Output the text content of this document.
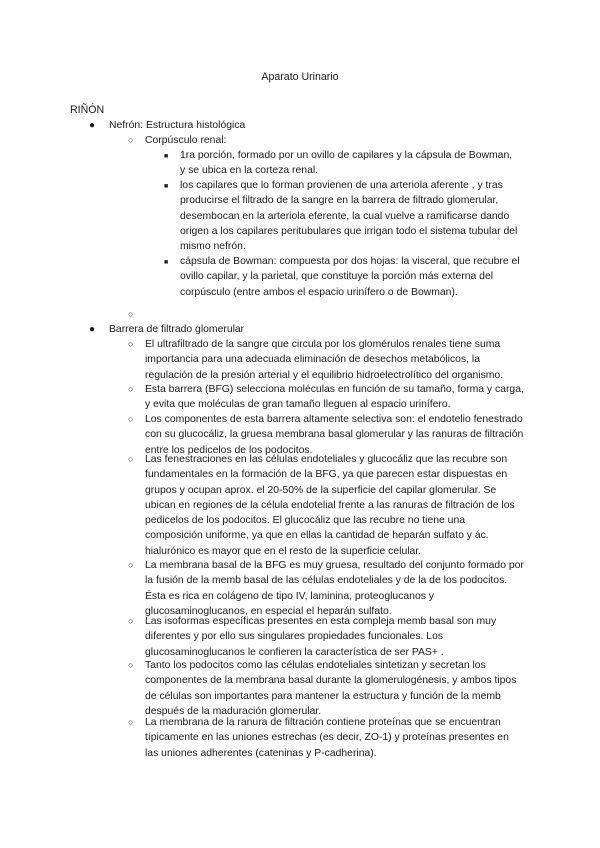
Aparato Urinario
RIÑÓN
● Nefrón: Estructura histológica
○ Corpúsculo renal:
■ 1ra porción, formado por un ovillo de capilares y la cápsula de Bowman, y se ubica en la corteza renal.
■ los capilares que lo forman provienen de una arteriola aferente , y tras producirse el filtrado de la sangre en la barrera de filtrado glomerular, desembocan en la arteriola eferente, la cual vuelve a ramificarse dando origen a los capilares peritubulares que irrigan todo el sistema tubular del mismo nefrón.
■ cápsula de Bowman: compuesta por dos hojas: la visceral, que recubre el ovillo capilar, y la parietal, que constituye la porción más externa del corpúsculo (entre ambos el espacio urinífero o de Bowman).
○
● Barrera de filtrado glomerular
○ El ultrafiltrado de la sangre que circula por los glomérulos renales tiene suma importancia para una adecuada eliminación de desechos metabólicos, la regulación de la presión arterial y el equilibrio hidroelectrolítico del organismo.
○ Esta barrera (BFG) selecciona moléculas en función de su tamaño, forma y carga, y evita que moléculas de gran tamaño lleguen al espacio urinífero.
○ Los componentes de esta barrera altamente selectiva son: el endotelio fenestrado con su glucocáliz, la gruesa membrana basal glomerular y las ranuras de filtración entre los pedicelos de los podocitos.
○ Las fenestraciones en las células endoteliales y glucocáliz que las recubre son fundamentales en la formación de la BFG, ya que parecen estar dispuestas en grupos y ocupan aprox. el 20-50% de la superficie del capilar glomerular. Se ubican en regiones de la célula endotelial frente a las ranuras de filtración de los pedicelos de los podocitos. El glucocáliz que las recubre no tiene una composición uniforme, ya que en ellas la cantidad de heparán sulfato y ác. hialurónico es mayor que en el resto de la superficie celular.
○ La membrana basal de la BFG es muy gruesa, resultado del conjunto formado por la fusión de la memb basal de las células endoteliales y de la de los podocitos. Ésta es rica en colágeno de tipo IV, laminina, proteoglucanos y glucosaminoglucanos, en especial el heparán sulfato.
○ Las isoformas específicas presentes en esta compleja memb basal son muy diferentes y por ello sus singulares propiedades funcionales. Los glucosaminoglucanos le confieren la característica de ser PAS+ .
○ Tanto los podocitos como las células endoteliales sintetizan y secretan los componentes de la membrana basal durante la glomerulogénesis, y ambos tipos de células son importantes para mantener la estructura y función de la memb después de la maduración glomerular.
○ La membrana de la ranura de filtración contiene proteínas que se encuentran típicamente en las uniones estrechas (es decir, ZO-1) y proteínas presentes en las uniones adherentes (cateninas y P-cadherina).
